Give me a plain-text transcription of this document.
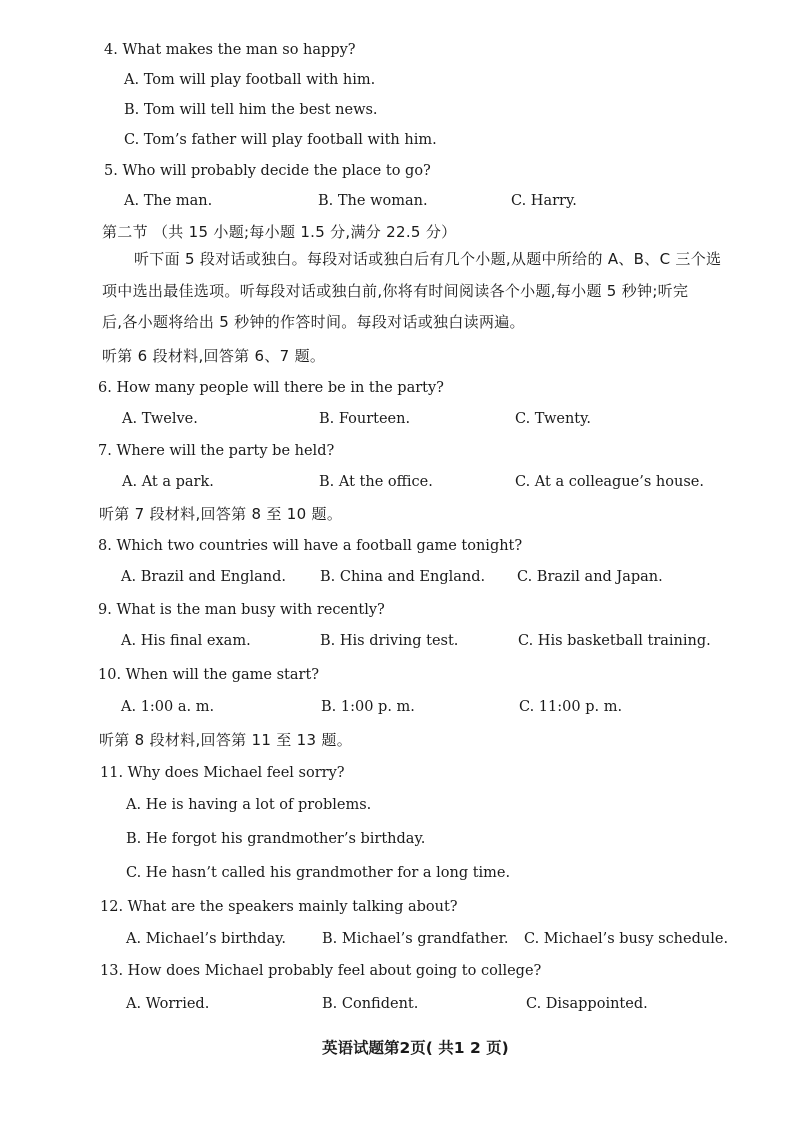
4. What makes the man so happy?
A. Tom will play football with him.
B. Tom will tell him the best news.
C. Tom’s father will play football with him.
5. Who will probably decide the place to go?
A. The man.	B. The woman.	C. Harry.
第二节 （共 15 小题;每小题 1.5 分,满分 22.5 分）
听下面 5 段对话或独白。每段对话或独白后有几个小题,从题中所给的 A、B、C 三个选
项中选出最佳选项。听每段对话或独白前,你将有时间阅读各个小题,每小题 5 秒钟;听完
后,各小题将给出 5 秒钟的作答时间。每段对话或独白读两遍。
听第 6 段材料,回答第 6、7 题。
6. How many people will there be in the party?
A. Twelve.	B. Fourteen.	C. Twenty.
7. Where will the party be held?
A. At a park.	B. At the office.	C. At a colleague’s house.
听第 7 段材料,回答第 8 至 10 题。
8. Which two countries will have a football game tonight?
A. Brazil and England. B. China and England. C. Brazil and Japan.
9. What is the man busy with recently?
A. His final exam.	B. His driving test.	C. His basketball training.
10. When will the game start?
A. 1:00 a. m.	B. 1:00 p. m.	C. 11:00 p. m.
听第 8 段材料,回答第 11 至 13 题。
11. Why does Michael feel sorry?
A. He is having a lot of problems.
B. He forgot his grandmother’s birthday.
C. He hasn’t called his grandmother for a long time.
12. What are the speakers mainly talking about?
A. Michael’s birthday. B. Michael’s grandfather. C. Michael’s busy schedule.
13. How does Michael probably feel about going to college?
A. Worried.	B. Confident.	C. Disappointed.
英语试题第2页( 共1 2 页)
